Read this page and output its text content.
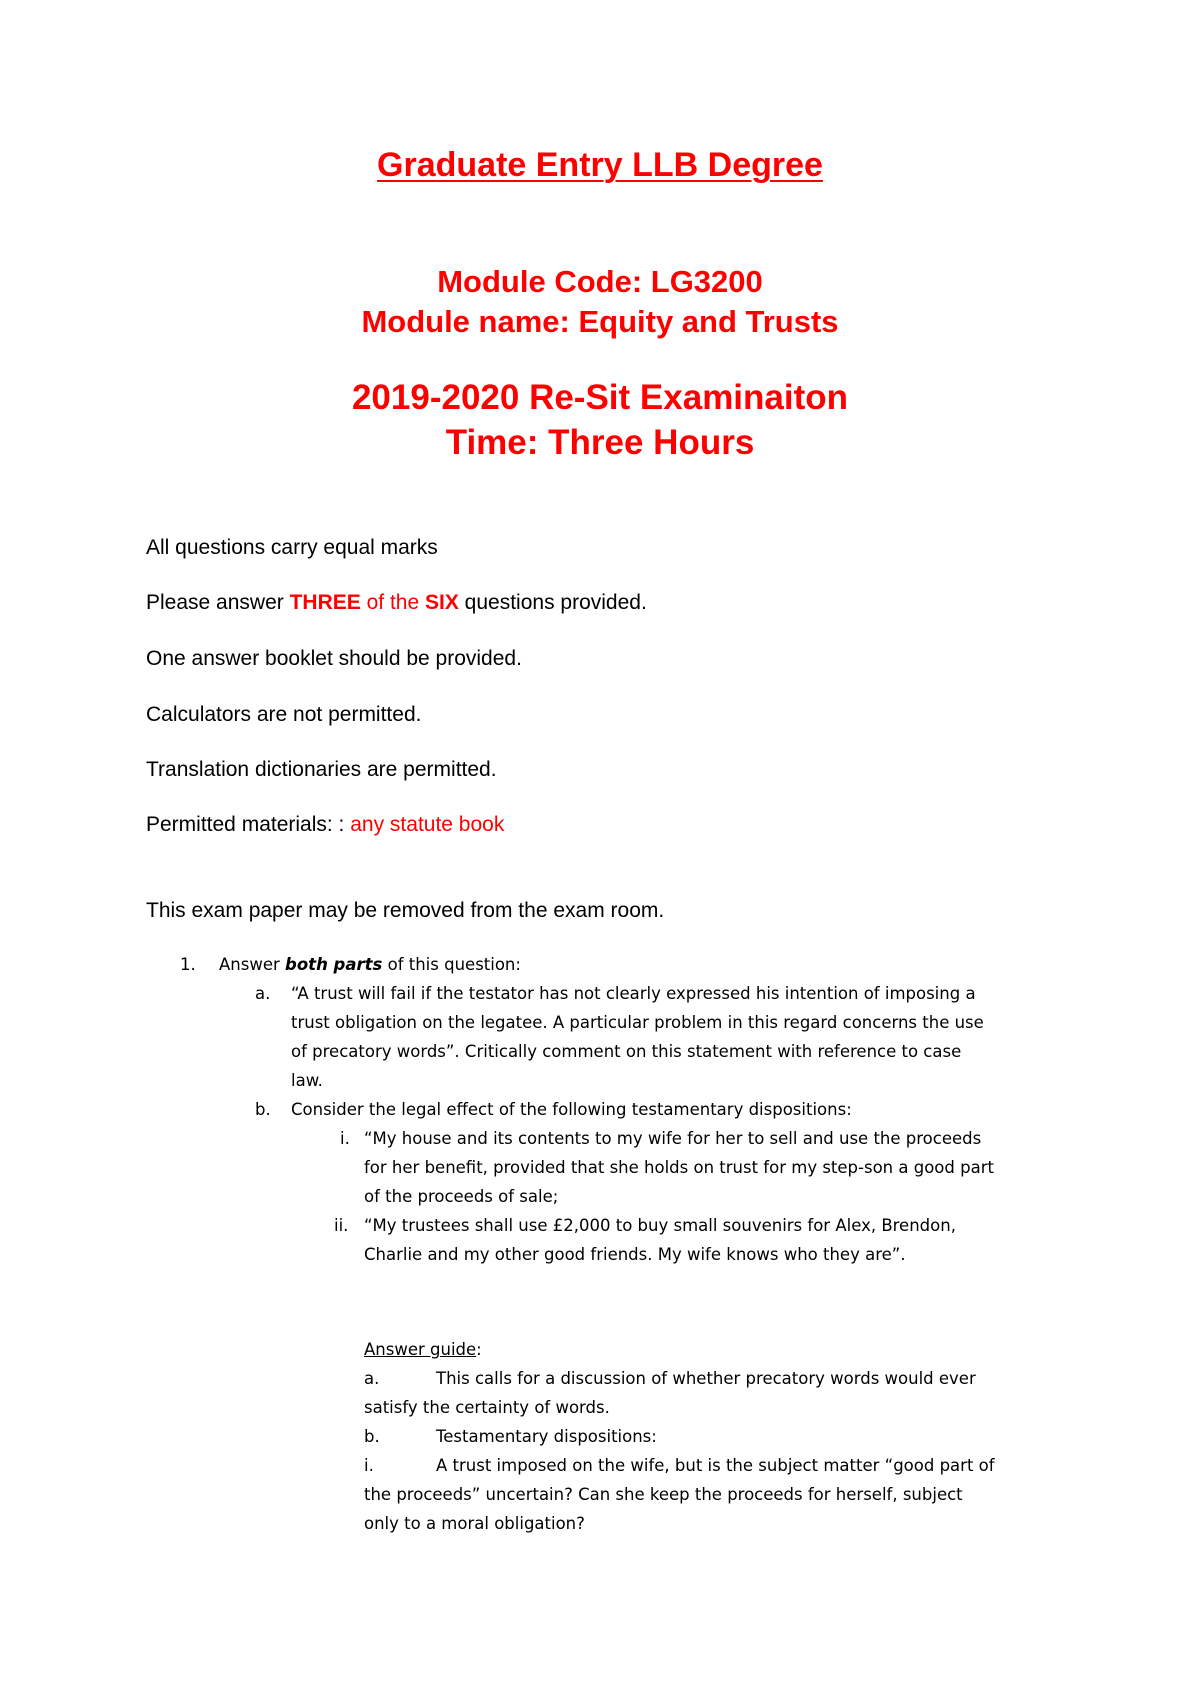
Graduate Entry LLB Degree
Module Code: LG3200
Module name: Equity and Trusts
2019-2020 Re-Sit Examinaiton
Time: Three Hours

All questions carry equal marks

Please answer THREE of the SIX questions provided.

One answer booklet should be provided.

Calculators are not permitted.

Translation dictionaries are permitted.

Permitted materials: : any statute book

This exam paper may be removed from the exam room.

1. Answer both parts of this question:
a. “A trust will fail if the testator has not clearly expressed his intention of imposing a
trust obligation on the legatee. A particular problem in this regard concerns the use
of precatory words”. Critically comment on this statement with reference to case
law.
b. Consider the legal effect of the following testamentary dispositions:
i. “My house and its contents to my wife for her to sell and use the proceeds
for her benefit, provided that she holds on trust for my step-son a good part
of the proceeds of sale;
ii. “My trustees shall use £2,000 to buy small souvenirs for Alex, Brendon,
Charlie and my other good friends. My wife knows who they are”.
Answer guide:
a.	This calls for a discussion of whether precatory words would ever
satisfy the certainty of words.
b.	Testamentary dispositions:
i.	A trust imposed on the wife, but is the subject matter “good part of
the proceeds” uncertain? Can she keep the proceeds for herself, subject
only to a moral obligation?
